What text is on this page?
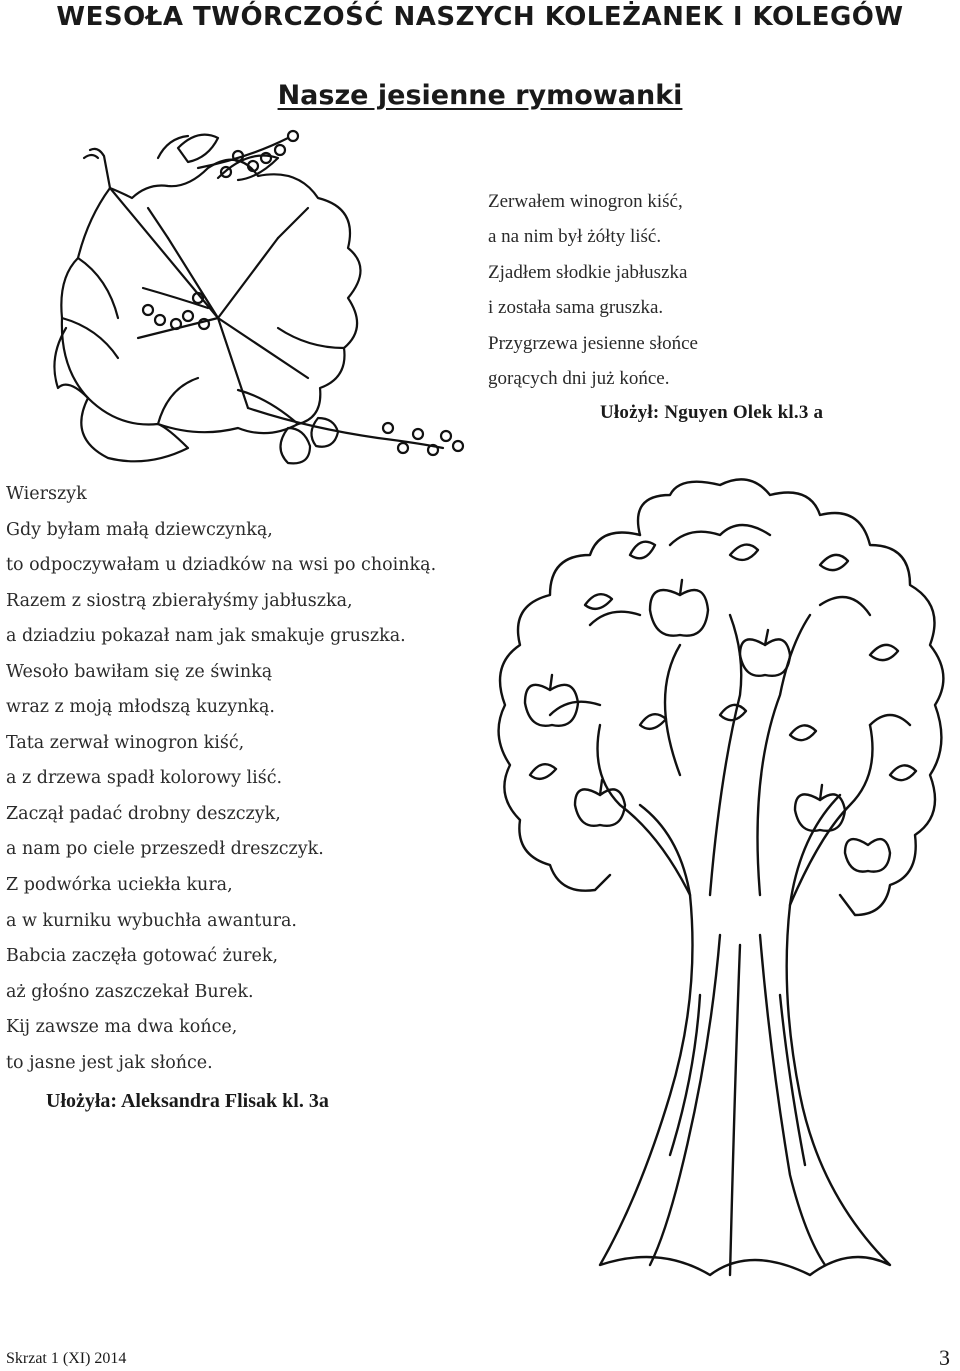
WESOŁA TWÓRCZOŚĆ NASZYCH KOLEŻANEK I KOLEGÓW
Nasze jesienne rymowanki
Zerwałem winogron kiść,
a na nim był żółty liść.
Zjadłem słodkie jabłuszka
i została sama gruszka.
Przygrzewa jesienne słońce
gorących dni już końce.
Ułożył: Nguyen Olek kl.3 a
Wierszyk
Gdy byłam małą dziewczynką,
to odpoczywałam u dziadków na wsi po choinką.
Razem z siostrą zbierałyśmy jabłuszka,
a dziadziu pokazał nam jak smakuje gruszka.
Wesoło bawiłam się ze świnką
wraz z moją młodszą kuzynką.
Tata zerwał winogron kiść,
a z drzewa spadł kolorowy liść.
Zaczął padać drobny deszczyk,
a nam po ciele przeszedł dreszczyk.
Z podwórka uciekła kura,
a w kurniku wybuchła awantura.
Babcia zaczęła gotować żurek,
aż głośno zaszczekał Burek.
Kij zawsze ma dwa końce,
to jasne jest jak słońce.
Ułożyła: Aleksandra Flisak kl. 3a
Skrzat 1 (XI) 2014	3
